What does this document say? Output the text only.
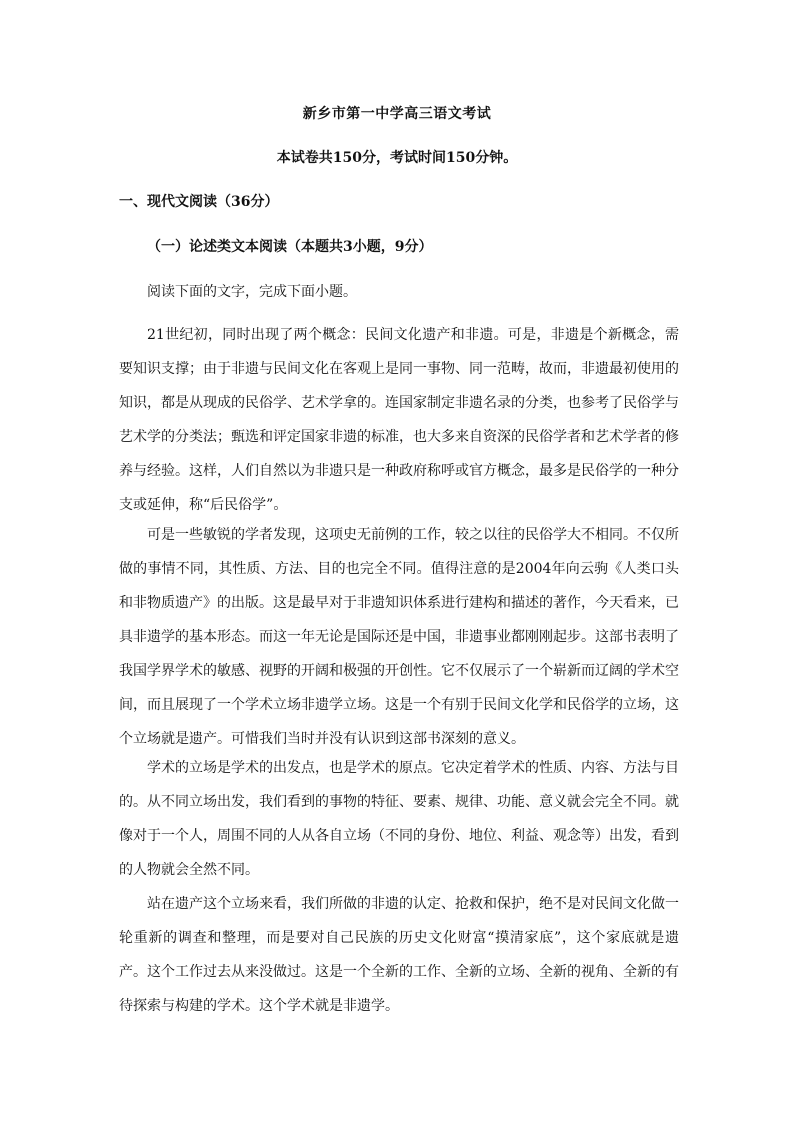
新乡市第一中学高三语文考试
本试卷共150分，考试时间150分钟。
一、现代文阅读（36分）
（一）论述类文本阅读（本题共3小题，9分）
阅读下面的文字，完成下面小题。

21世纪初，同时出现了两个概念：民间文化遗产和非遗。可是，非遗是个新概念，需要知识支撑；由于非遗与民间文化在客观上是同一事物、同一范畴，故而，非遗最初使用的知识，都是从现成的民俗学、艺术学拿的。连国家制定非遗名录的分类，也参考了民俗学与艺术学的分类法；甄选和评定国家非遗的标准，也大多来自资深的民俗学者和艺术学者的修养与经验。这样，人们自然以为非遗只是一种政府称呼或官方概念，最多是民俗学的一种分支或延伸，称“后民俗学”。

可是一些敏锐的学者发现，这项史无前例的工作，较之以往的民俗学大不相同。不仅所做的事情不同，其性质、方法、目的也完全不同。值得注意的是2004年向云驹《人类口头和非物质遗产》的出版。这是最早对于非遗知识体系进行建构和描述的著作，今天看来，已具非遗学的基本形态。而这一年无论是国际还是中国，非遗事业都刚刚起步。这部书表明了我国学界学术的敏感、视野的开阔和极强的开创性。它不仅展示了一个崭新而辽阔的学术空间，而且展现了一个学术立场非遗学立场。这是一个有别于民间文化学和民俗学的立场，这个立场就是遗产。可惜我们当时并没有认识到这部书深刻的意义。

学术的立场是学术的出发点，也是学术的原点。它决定着学术的性质、内容、方法与目的。从不同立场出发，我们看到的事物的特征、要素、规律、功能、意义就会完全不同。就像对于一个人，周围不同的人从各自立场（不同的身份、地位、利益、观念等）出发，看到的人物就会全然不同。

站在遗产这个立场来看，我们所做的非遗的认定、抢救和保护，绝不是对民间文化做一轮重新的调查和整理，而是要对自己民族的历史文化财富“摸清家底”，这个家底就是遗产。这个工作过去从来没做过。这是一个全新的工作、全新的立场、全新的视角、全新的有待探索与构建的学术。这个学术就是非遗学。
